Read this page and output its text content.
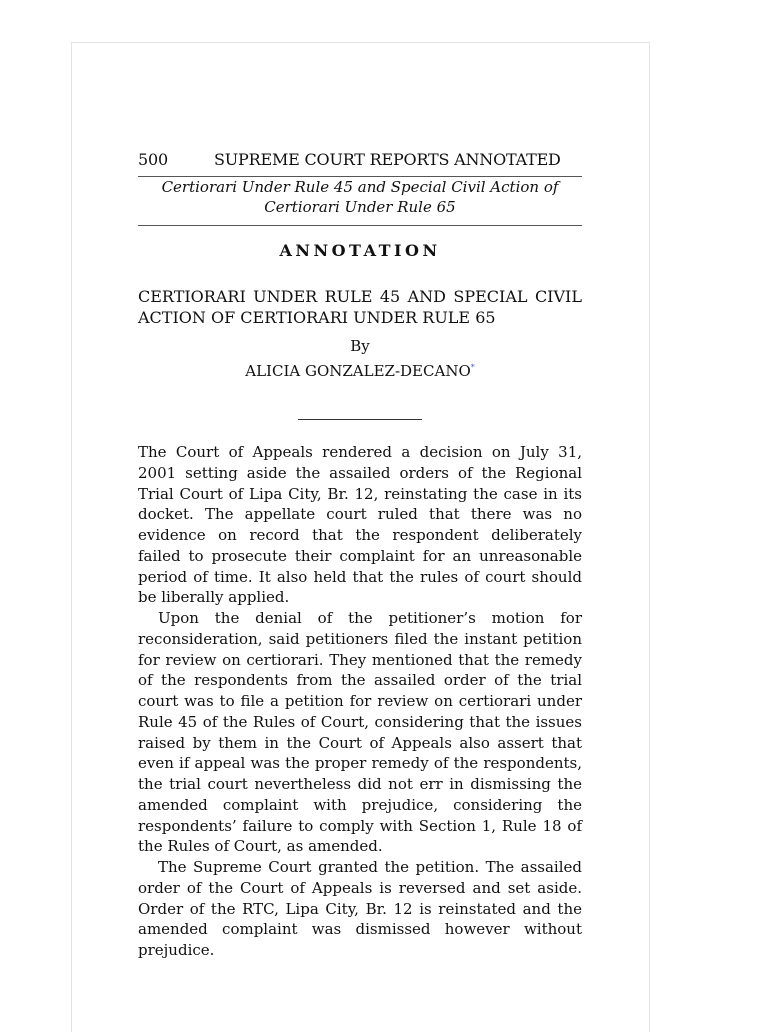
500	SUPREME COURT REPORTS ANNOTATED
Certiorari Under Rule 45 and Special Civil Action of Certiorari Under Rule 65
ANNOTATION
CERTIORARI UNDER RULE 45 AND SPECIAL CIVIL ACTION OF CERTIORARI UNDER RULE 65
By
ALICIA GONZALEZ-DECANO*

The Court of Appeals rendered a decision on July 31, 2001 setting aside the assailed orders of the Regional Trial Court of Lipa City, Br. 12, reinstating the case in its docket. The appellate court ruled that there was no evidence on record that the respondent deliberately failed to prosecute their complaint for an unreasonable period of time. It also held that the rules of court should be liberally applied.

Upon the denial of the petitioner’s motion for reconsideration, said petitioners filed the instant petition for review on certiorari. They mentioned that the remedy of the respondents from the assailed order of the trial court was to file a petition for review on certiorari under Rule 45 of the Rules of Court, considering that the issues raised by them in the Court of Appeals also assert that even if appeal was the proper remedy of the respondents, the trial court nevertheless did not err in dismissing the amended complaint with prejudice, considering the respondents’ failure to comply with Section 1, Rule 18 of the Rules of Court, as amended.

The Supreme Court granted the petition. The assailed order of the Court of Appeals is reversed and set aside. Order of the RTC, Lipa City, Br. 12 is reinstated and the amended complaint was dismissed however without prejudice.
